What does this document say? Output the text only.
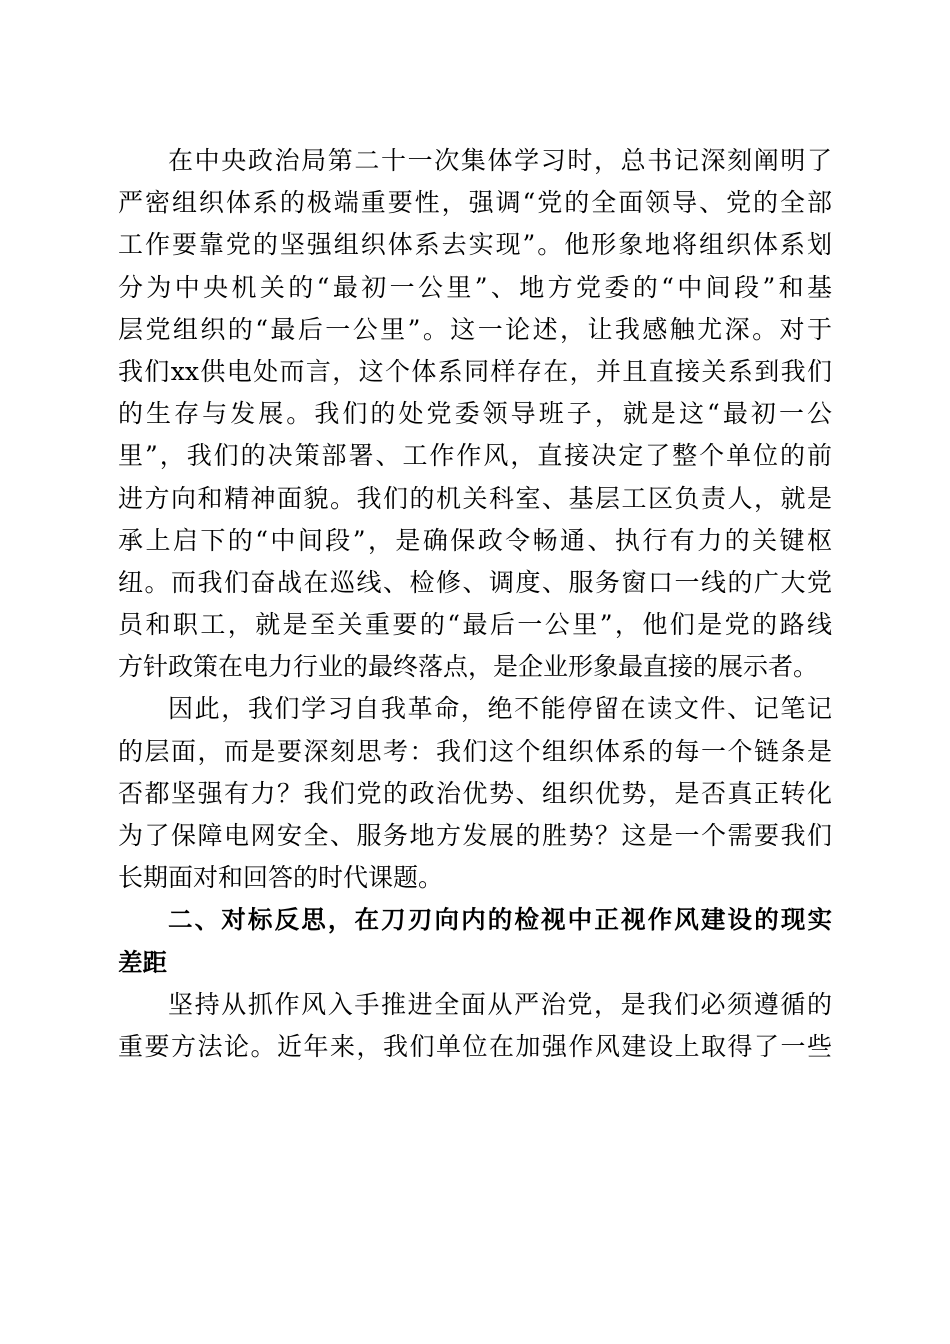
在中央政治局第二十一次集体学习时，总书记深刻阐明了
严密组织体系的极端重要性，强调“党的全面领导、党的全部
工作要靠党的坚强组织体系去实现”。他形象地将组织体系划
分为中央机关的“最初一公里”、地方党委的“中间段”和基
层党组织的“最后一公里”。这一论述，让我感触尤深。对于
我们xx供电处而言，这个体系同样存在，并且直接关系到我们
的生存与发展。我们的处党委领导班子，就是这“最初一公
里”，我们的决策部署、工作作风，直接决定了整个单位的前
进方向和精神面貌。我们的机关科室、基层工区负责人，就是
承上启下的“中间段”，是确保政令畅通、执行有力的关键枢
纽。而我们奋战在巡线、检修、调度、服务窗口一线的广大党
员和职工，就是至关重要的“最后一公里”，他们是党的路线
方针政策在电力行业的最终落点，是企业形象最直接的展示者。
因此，我们学习自我革命，绝不能停留在读文件、记笔记
的层面，而是要深刻思考：我们这个组织体系的每一个链条是
否都坚强有力？我们党的政治优势、组织优势，是否真正转化
为了保障电网安全、服务地方发展的胜势？这是一个需要我们
长期面对和回答的时代课题。
二、对标反思，在刀刃向内的检视中正视作风建设的现实
差距
坚持从抓作风入手推进全面从严治党，是我们必须遵循的
重要方法论。近年来，我们单位在加强作风建设上取得了一些
